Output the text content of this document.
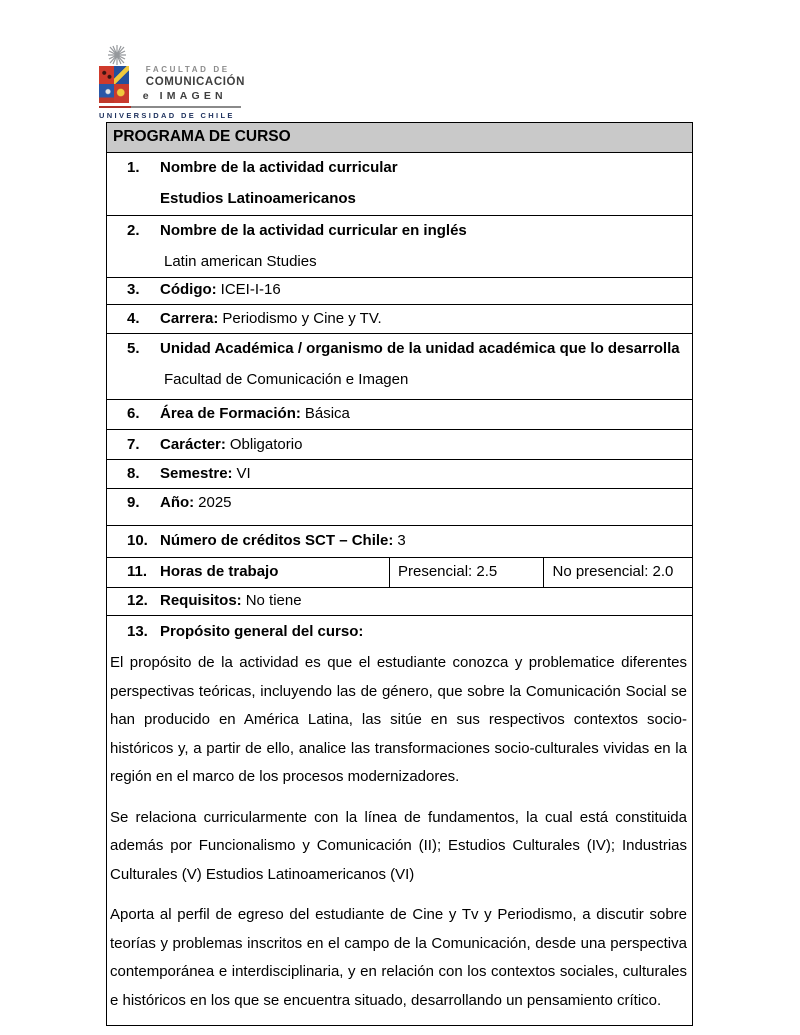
FACULTAD DE
COMUNICACIÓN
e IMAGEN
UNIVERSIDAD DE CHILE
PROGRAMA DE CURSO
1. Nombre de la actividad curricular
Estudios Latinoamericanos
2. Nombre de la actividad curricular en inglés
Latin american Studies
3. Código: ICEI-I-16
4. Carrera: Periodismo y Cine y TV.
5. Unidad Académica / organismo de la unidad académica que lo desarrolla
Facultad de Comunicación e Imagen
6. Área de Formación: Básica
7. Carácter: Obligatorio
8. Semestre: VI
9. Año: 2025
10. Número de créditos SCT – Chile: 3
11. Horas de trabajo	Presencial: 2.5	No presencial: 2.0
12. Requisitos: No tiene
13. Propósito general del curso:

El propósito de la actividad es que el estudiante conozca y problematice diferentes perspectivas teóricas, incluyendo las de género, que sobre la Comunicación Social se han producido en América Latina, las sitúe en sus respectivos contextos socio-históricos y, a partir de ello, analice las transformaciones socio-culturales vividas en la región en el marco de los procesos modernizadores.

Se relaciona curricularmente con la línea de fundamentos, la cual está constituida además por Funcionalismo y Comunicación (II); Estudios Culturales (IV); Industrias Culturales (V) Estudios Latinoamericanos (VI)

Aporta al perfil de egreso del estudiante de Cine y Tv y Periodismo, a discutir sobre teorías y problemas inscritos en el campo de la Comunicación, desde una perspectiva contemporánea e interdisciplinaria, y en relación con los contextos sociales, culturales e históricos en los que se encuentra situado, desarrollando un pensamiento crítico.
